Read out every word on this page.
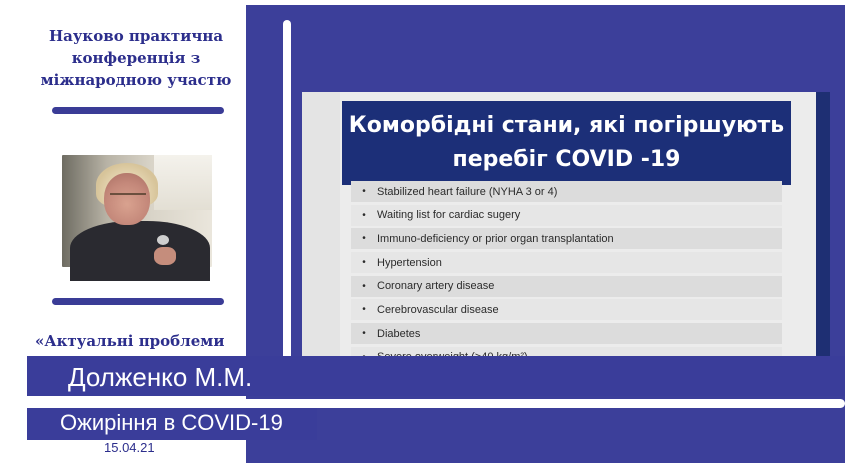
Науково практична
конференція з
міжнародною участю
«Актуальні проблеми
Коморбідні стани, які погіршують
перебіг COVID -19
•	Stabilized heart failure (NYHA 3 or 4)
•	Waiting list for cardiac sugery
•	Immuno-deficiency or prior organ transplantation
•	Hypertension
•	Coronary artery disease
•	Cerebrovascular disease
•	Diabetes
Долженко М.М.
Ожиріння в COVID-19
15.04.21
